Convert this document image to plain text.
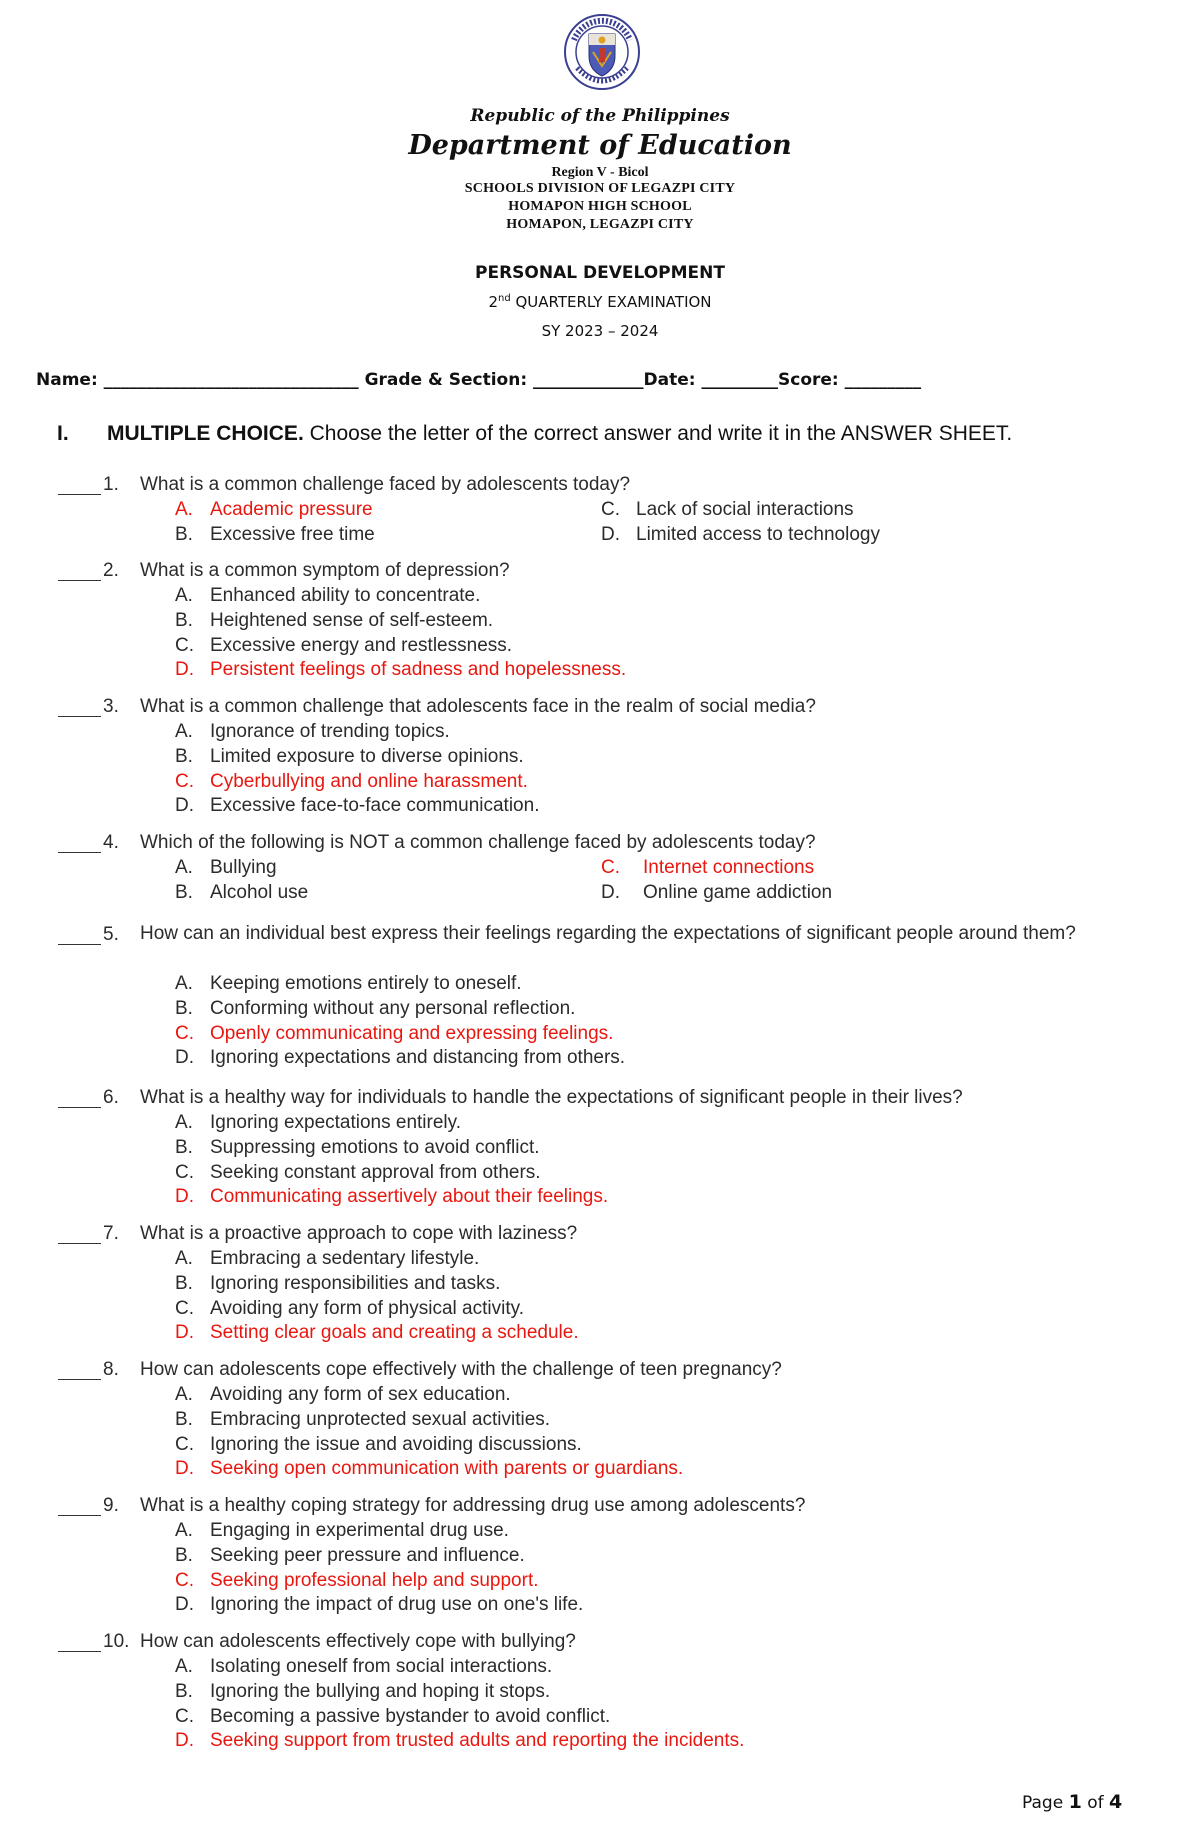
Republic of the Philippines
Department of Education
Region V - Bicol
SCHOOLS DIVISION OF LEGAZPI CITY
HOMAPON HIGH SCHOOL
HOMAPON, LEGAZPI CITY
PERSONAL DEVELOPMENT
2nd QUARTERLY EXAMINATION
SY 2023 – 2024
Name: ______________________________ Grade & Section: _____________Date: _________Score: _________
I. MULTIPLE CHOICE. Choose the letter of the correct answer and write it in the ANSWER SHEET.
1. What is a common challenge faced by adolescents today?
A. Academic pressure
B. Excessive free time
C. Lack of social interactions
D. Limited access to technology
2. What is a common symptom of depression?
A. Enhanced ability to concentrate.
B. Heightened sense of self-esteem.
C. Excessive energy and restlessness.
D. Persistent feelings of sadness and hopelessness.
3. What is a common challenge that adolescents face in the realm of social media?
A. Ignorance of trending topics.
B. Limited exposure to diverse opinions.
C. Cyberbullying and online harassment.
D. Excessive face-to-face communication.
4. Which of the following is NOT a common challenge faced by adolescents today?
A. Bullying
B. Alcohol use
C. Internet connections
D. Online game addiction
5. How can an individual best express their feelings regarding the expectations of significant people around them?
A. Keeping emotions entirely to oneself.
B. Conforming without any personal reflection.
C. Openly communicating and expressing feelings.
D. Ignoring expectations and distancing from others.
6. What is a healthy way for individuals to handle the expectations of significant people in their lives?
A. Ignoring expectations entirely.
B. Suppressing emotions to avoid conflict.
C. Seeking constant approval from others.
D. Communicating assertively about their feelings.
7. What is a proactive approach to cope with laziness?
A. Embracing a sedentary lifestyle.
B. Ignoring responsibilities and tasks.
C. Avoiding any form of physical activity.
D. Setting clear goals and creating a schedule.
8. How can adolescents cope effectively with the challenge of teen pregnancy?
A. Avoiding any form of sex education.
B. Embracing unprotected sexual activities.
C. Ignoring the issue and avoiding discussions.
D. Seeking open communication with parents or guardians.
9. What is a healthy coping strategy for addressing drug use among adolescents?
A. Engaging in experimental drug use.
B. Seeking peer pressure and influence.
C. Seeking professional help and support.
D. Ignoring the impact of drug use on one's life.
10. How can adolescents effectively cope with bullying?
A. Isolating oneself from social interactions.
B. Ignoring the bullying and hoping it stops.
C. Becoming a passive bystander to avoid conflict.
D. Seeking support from trusted adults and reporting the incidents.
Page 1 of 4
